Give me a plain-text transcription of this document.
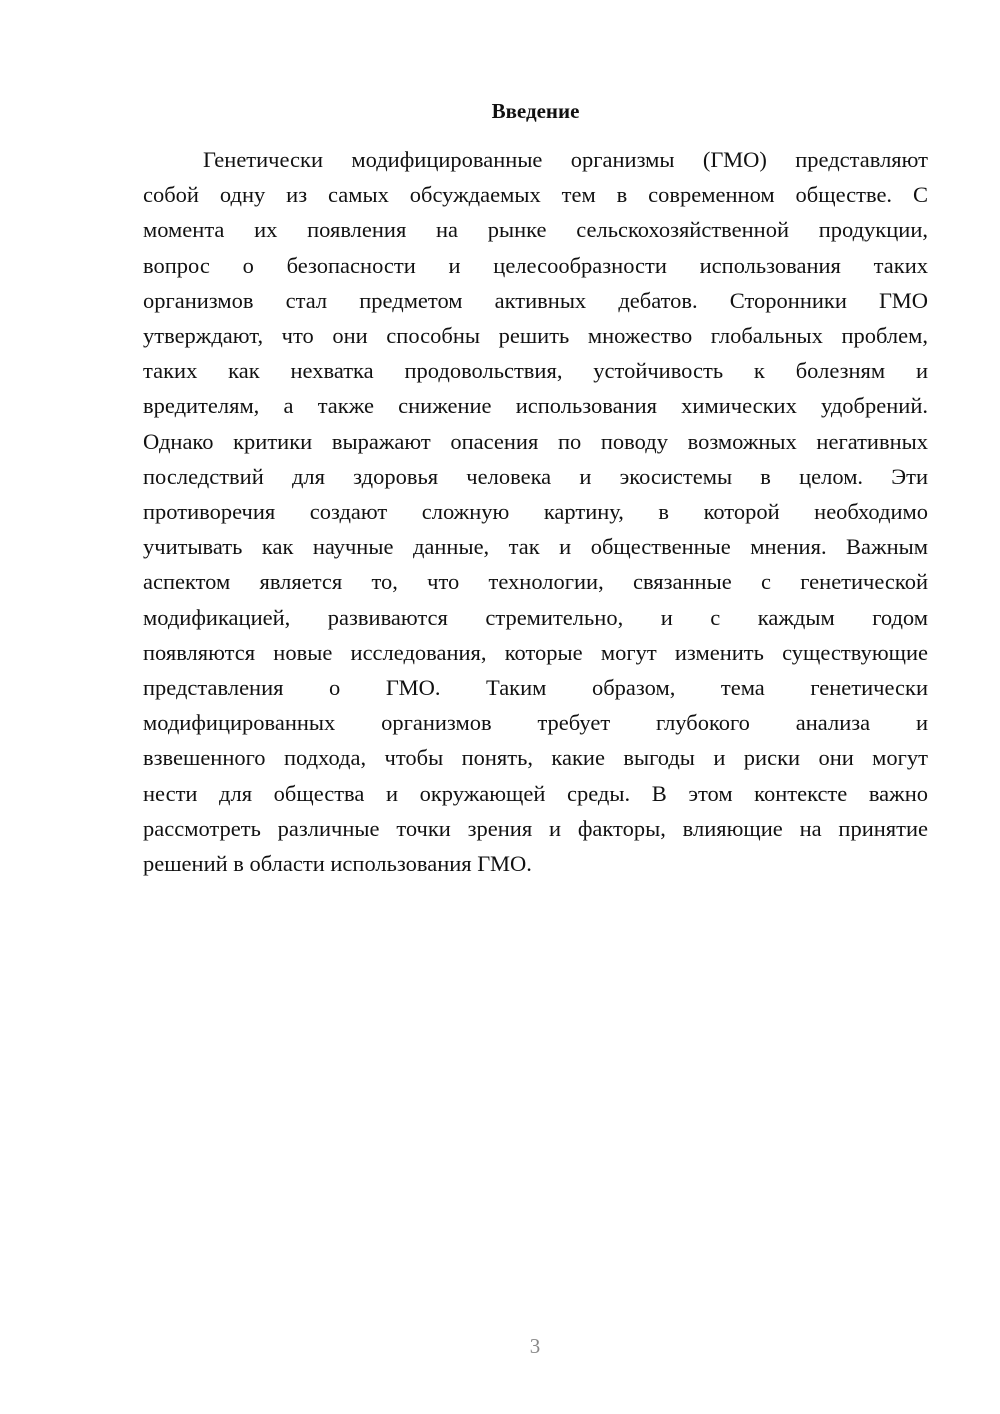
Введение

Генетически модифицированные организмы (ГМО) представляют
собой одну из самых обсуждаемых тем в современном обществе. С
момента их появления на рынке сельскохозяйственной продукции,
вопрос о безопасности и целесообразности использования таких
организмов стал предметом активных дебатов. Сторонники ГМО
утверждают, что они способны решить множество глобальных проблем,
таких как нехватка продовольствия, устойчивость к болезням и
вредителям, а также снижение использования химических удобрений.
Однако критики выражают опасения по поводу возможных негативных
последствий для здоровья человека и экосистемы в целом. Эти
противоречия создают сложную картину, в которой необходимо
учитывать как научные данные, так и общественные мнения. Важным
аспектом является то, что технологии, связанные с генетической
модификацией, развиваются стремительно, и с каждым годом
появляются новые исследования, которые могут изменить существующие
представления о ГМО. Таким образом, тема генетически
модифицированных организмов требует глубокого анализа и
взвешенного подхода, чтобы понять, какие выгоды и риски они могут
нести для общества и окружающей среды. В этом контексте важно
рассмотреть различные точки зрения и факторы, влияющие на принятие
решений в области использования ГМО.

3
